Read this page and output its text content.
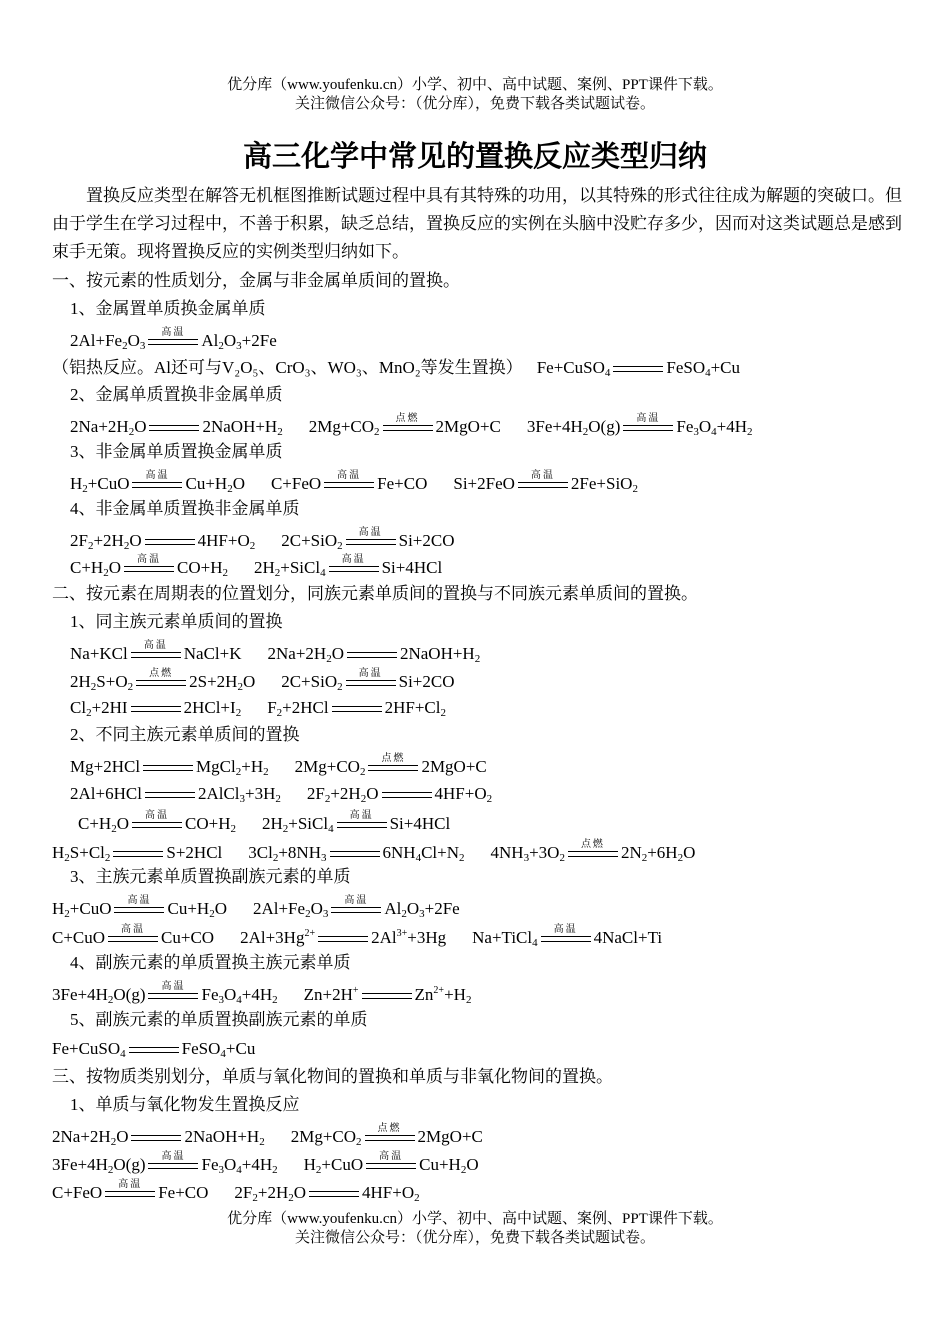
优分库（www.youfenku.cn）小学、初中、高中试题、案例、PPT课件下载。
关注微信公众号：（优分库），免费下载各类试题试卷。
高三化学中常见的置换反应类型归纳
置换反应类型在解答无机框图推断试题过程中具有其特殊的功用，以其特殊的形式往往成为解题的突破口。但由于学生在学习过程中，不善于积累，缺乏总结，置换反应的实例在头脑中没贮存多少，因而对这类试题总是感到束手无策。现将置换反应的实例类型归纳如下。
一、按元素的性质划分，金属与非金属单质间的置换。
1、金属置单质换金属单质
$2Al+Fe_2O_3$
高温 $Al_2O_3+2Fe$
（铝热反应。Al还可与V₂O₅、CrO₃、WO₃、MnO₂等发生置换） Fe+CuSO$_4$	FeSO$_4$+Cu
2、金属单质置换非金属单质
$2Na+2H_2O$	$2NaOH+H_2$ $2Mg+CO_2$
点燃 2MgO+C $3Fe+4H_2O(g)$	高温 $Fe_3O_4+4H_2$
3、非金属单质置换金属单质
$H_2+CuO$	高温 $Cu+H_2O$ C+FeO	高温 Fe+CO Si+2FeO	高温 2Fe+SiO$_2$
4、非金属单质置换非金属单质
$2F_2+2H_2O$	$4HF+O_2$ 2C+SiO$_2$
高温 Si+2CO
$C+H_2O$	高温 $CO+H_2$ $2H_2+SiCl_4$
高温 Si+4HCl
二、按元素在周期表的位置划分，同族元素单质间的置换与不同族元素单质间的置换。
1、同主族元素单质间的置换
Na+KCl	高温 NaCl+K $2Na+2H_2O$	$2NaOH+H_2$
$2H_2S+O_2$
点燃 $2S+2H_2O$ 2C+SiO$_2$
高温 Si+2CO
$Cl_2+2HI$	$2HCl+I_2$ $F_2+2HCl$	$2HF+Cl_2$
2、不同主族元素单质间的置换
Mg+2HCl	$MgCl_2+H_2$ $2Mg+CO_2$
点燃 2MgO+C
2Al+6HCl	$2AlCl_3+3H_2$ $2F_2+2H_2O$	$4HF+O_2$
$C+H_2O$	高温 $CO+H_2$ $2H_2+SiCl_4$
高温 Si+4HCl
$H_2S+Cl_2$	S+2HCl $3Cl_2+8NH_3$	$6NH_4Cl+N_2$ $4NH_3+3O_2$
点燃 $2N_2+6H_2O$
3、主族元素单质置换副族元素的单质
$H_2+CuO$	高温 $Cu+H_2O$ $2Al+Fe_2O_3$
高温 $Al_2O_3+2Fe$
C+CuO	高温 Cu+CO $2Al+3Hg^{2+}$	$2Al^{3+}+3Hg$ Na+TiCl$_4$
高温 4NaCl+Ti
4、副族元素的单质置换主族元素单质
$3Fe+4H_2O(g)$	高温 $Fe_3O_4+4H_2$ Zn+2H+	$Zn^{2+}+H_2$
5、副族元素的单质置换副族元素的单质
Fe+CuSO$_4$	FeSO$_4$+Cu
三、按物质类别划分，单质与氧化物间的置换和单质与非氧化物间的置换。
1、单质与氧化物发生置换反应
$2Na+2H_2O$	$2NaOH+H_2$ $2Mg+CO_2$
点燃 2MgO+C
$3Fe+4H_2O(g)$	高温 $Fe_3O_4+4H_2$ $H_2+CuO$	高温 $Cu+H_2O$
C+FeO	高温 Fe+CO $2F_2+2H_2O$	$4HF+O_2$
优分库（www.youfenku.cn）小学、初中、高中试题、案例、PPT课件下载。
关注微信公众号：（优分库），免费下载各类试题试卷。
